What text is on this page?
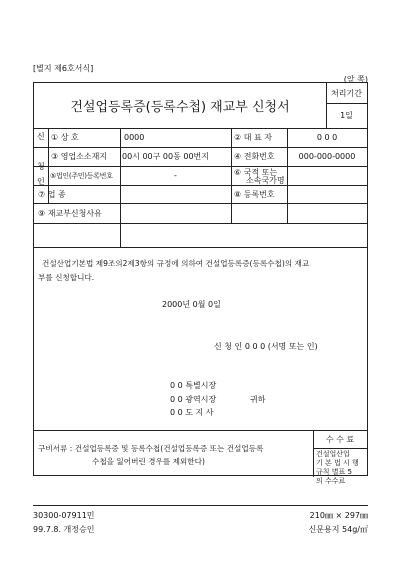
[별지 제6호서식]
(앞 쪽)
건설업등록증(등록수첩) 재교부 신청서
처리기간
1일
신
청
인
① 상 호	0000	② 대 표 자	0 0 0
③ 영업소소재지 00시 00구 00동 00번지	④ 전화번호	000-000-0000
⑤법인(주민)등록번호	-	⑥ 국적 또는
소속국가명
⑦ 업 종	⑧ 등록번호
⑨ 재교부신청사유
건설산업기본법 제9조의2제3항의 규정에 의하여 건설업등록증(등록수첩)의 재교
부를 신청합니다.
2000년 0월 0일
신 청 인 0 0 0 (서명 또는 인)
0 0 특별시장
0 0 광역시장	귀하
0 0 도 지 사
구비서류 : 건설업등록증 및 등록수첩(건설업등록증 또는 건설업등록
수첩을 잃어버린 경우를 제외한다)
수 수 료
건설업산업
기 본 법 시 행
규칙 별표 5
의 수수료
30300-07911민
99.7.8. 개정승인
210㎜ × 297㎜
신문용지 54g/㎡
